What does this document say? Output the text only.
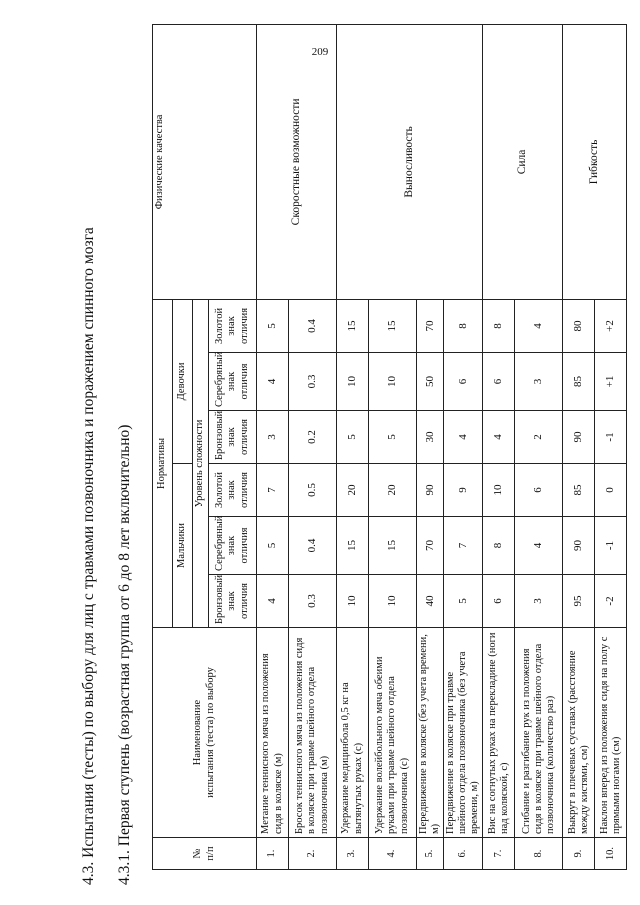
209
4.3. Испытания (тесты) по выбору для лиц с травмами позвоночника и поражением спинного мозга 4.3.1. Первая ступень (возрастная группа от 6 до 8 лет включительно)	№
п/п	Наименование
испытания (теста) по выбору	Нормативы						Физические качества
		Мальчики			Девочки			
		Уровень сложности						
		Бронзовый знак отличия	Серебряный знак отличия	Золотой знак отличия	Бронзовый знак отличия	Серебряный знак отличия	Золотой знак отличия	
1.	Метание теннисного мяча из положения сидя в коляске (м)	4	5	7	3	4	5	Скоростные возможности
2.	Бросок теннисного мяча из положения сидя в коляске при травме шейного отдела позвоночника (м)	0.3	0.4	0.5	0.2	0.3	0.4	
3.	Удержание медицинбола 0,5 кг на вытянутых руках (с)	10	15	20	5	10	15	Выносливость
4.	Удержание волейбольного мяча обеими руками при травме шейного отдела позвоночника (с)	10	15	20	5	10	15	
5.	Передвижение в коляске (без учета времени, м)	40	70	90	30	50	70	
6.	Передвижение в коляске при травме шейного отдела позвоночника (без учета времени, м)	5	7	9	4	6	8	
7.	Вис на согнутых руках на перекладине (ноги над коляской, с)	6	8	10	4	6	8	Сила
8.	Сгибание и разгибание рук из положения сидя в коляске при травме шейного отдела позвоночника (количество раз)	3	4	6	2	3	4	
9.	Выкрут в плечевых суставах (расстояние между кистями, см)	95	90	85	90	85	80	Гибкость
10.	Наклон вперед из положения сидя на полу с прямыми ногами (см)	-2	-1	0	-1	+1	+2	
